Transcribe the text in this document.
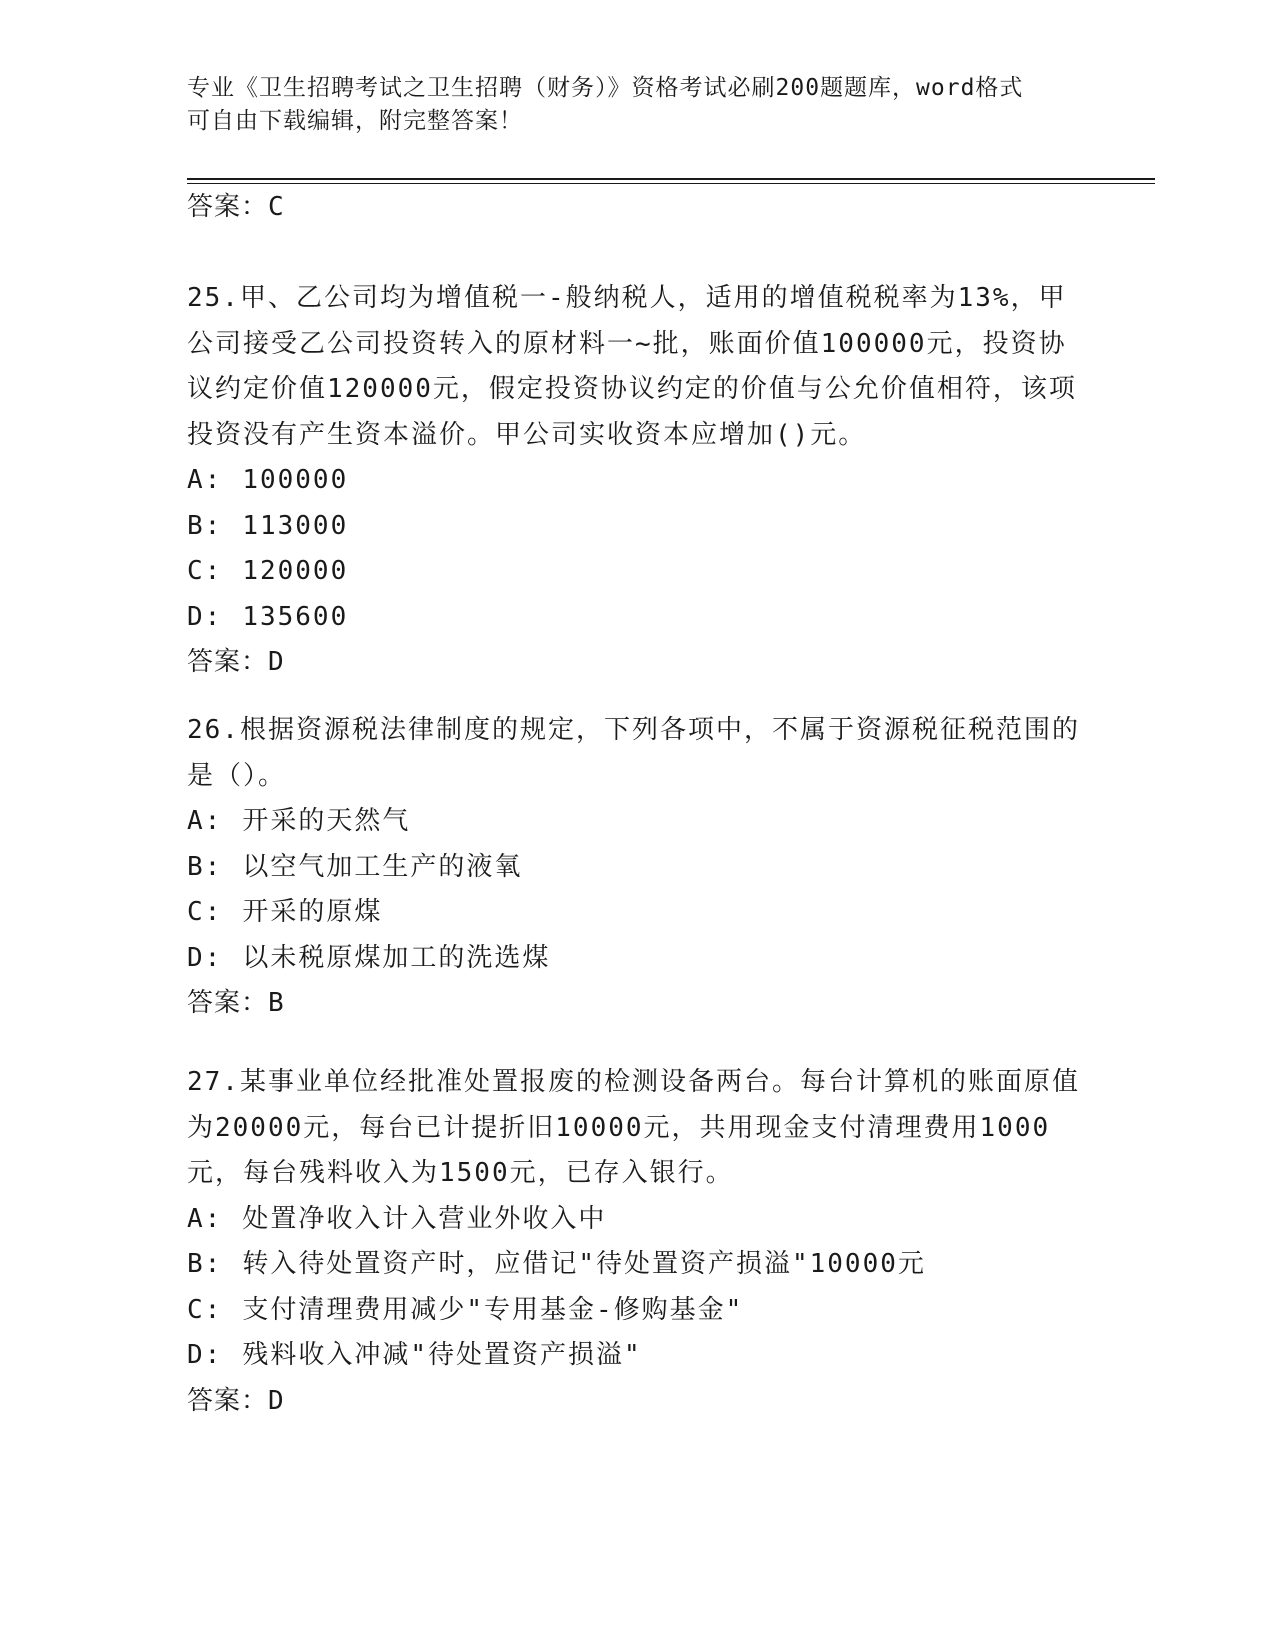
专业《卫生招聘考试之卫生招聘（财务）》资格考试必刷200题题库，word格式
可自由下载编辑，附完整答案！
答案：C

25.甲、乙公司均为增值税一-般纳税人，适用的增值税税率为13%，甲公司接受乙公司投资转入的原材料一~批，账面价值100000元，投资协议约定价值120000元，假定投资协议约定的价值与公允价值相符，该项投资没有产生资本溢价。甲公司实收资本应增加()元。

A: 100000

B: 113000

C: 120000

D: 135600

答案：D

26.根据资源税法律制度的规定，下列各项中，不属于资源税征税范围的是（）。

A: 开采的天然气

B: 以空气加工生产的液氧

C: 开采的原煤

D: 以未税原煤加工的洗选煤

答案：B

27.某事业单位经批准处置报废的检测设备两台。每台计算机的账面原值为20000元，每台已计提折旧10000元，共用现金支付清理费用1000元，每台残料收入为1500元，已存入银行。

A: 处置净收入计入营业外收入中

B: 转入待处置资产时，应借记"待处置资产损溢"10000元

C: 支付清理费用减少"专用基金-修购基金"

D: 残料收入冲减"待处置资产损溢"

答案：D
